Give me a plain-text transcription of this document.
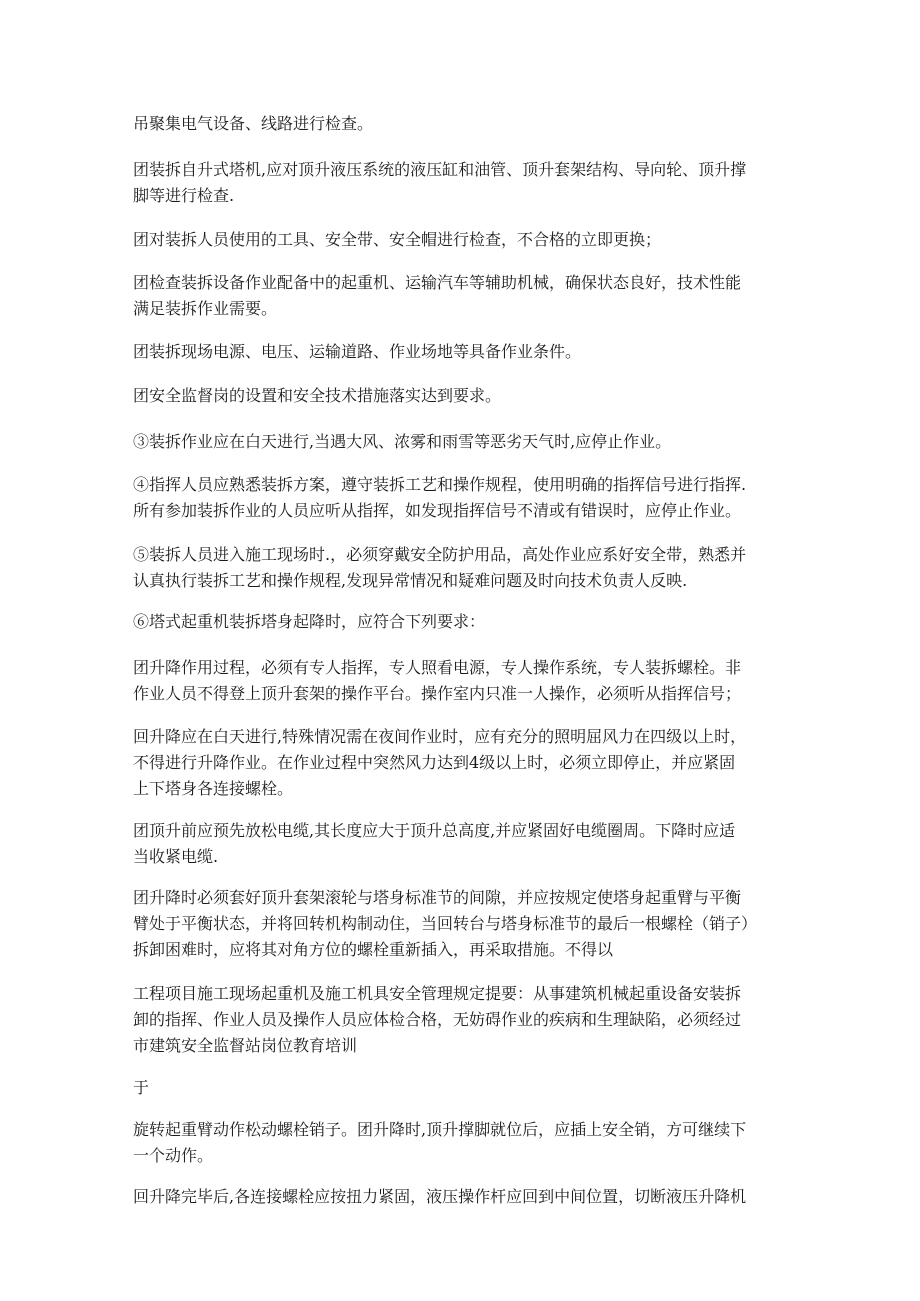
吊聚集电气设备、线路进行检查。

团装拆自升式塔机,应对顶升液压系统的液压缸和油管、顶升套架结构、导向轮、顶升撑
脚等进行检查.

团对装拆人员使用的工具、安全带、安全帽进行检查，不合格的立即更换；

团检查装拆设备作业配备中的起重机、运输汽车等辅助机械，确保状态良好，技术性能
满足装拆作业需要。

团装拆现场电源、电压、运输道路、作业场地等具备作业条件。

团安全监督岗的设置和安全技术措施落实达到要求。

③装拆作业应在白天进行,当遇大风、浓雾和雨雪等恶劣天气时,应停止作业。

④指挥人员应熟悉装拆方案，遵守装拆工艺和操作规程，使用明确的指挥信号进行指挥.
所有参加装拆作业的人员应听从指挥，如发现指挥信号不清或有错误时，应停止作业。

⑤装拆人员进入施工现场时.，必须穿戴安全防护用品，高处作业应系好安全带，熟悉并
认真执行装拆工艺和操作规程,发现异常情况和疑难问题及时向技术负责人反映.

⑥塔式起重机装拆塔身起降时，应符合下列要求：

团升降作用过程，必须有专人指挥，专人照看电源，专人操作系统，专人装拆螺栓。非
作业人员不得登上顶升套架的操作平台。操作室内只准一人操作，必须听从指挥信号；

回升降应在白天进行,特殊情况需在夜间作业时，应有充分的照明屈风力在四级以上时，
不得进行升降作业。在作业过程中突然风力达到4级以上时，必须立即停止，并应紧固
上下塔身各连接螺栓。

团顶升前应预先放松电缆,其长度应大于顶升总高度,并应紧固好电缆圈周。下降时应适
当收紧电缆.

团升降时必须套好顶升套架滚轮与塔身标准节的间隙，并应按规定使塔身起重臂与平衡
臂处于平衡状态，并将回转机构制动住，当回转台与塔身标准节的最后一根螺栓（销子）
拆卸困难时，应将其对角方位的螺栓重新插入，再采取措施。不得以

工程项目施工现场起重机及施工机具安全管理规定提要：从事建筑机械起重设备安装拆
卸的指挥、作业人员及操作人员应体检合格，无妨碍作业的疾病和生理缺陷，必须经过
市建筑安全监督站岗位教育培训

于

旋转起重臂动作松动螺栓销子。团升降时,顶升撑脚就位后，应插上安全销，方可继续下
一个动作。

回升降完毕后,各连接螺栓应按扭力紧固，液压操作杆应回到中间位置，切断液压升降机
